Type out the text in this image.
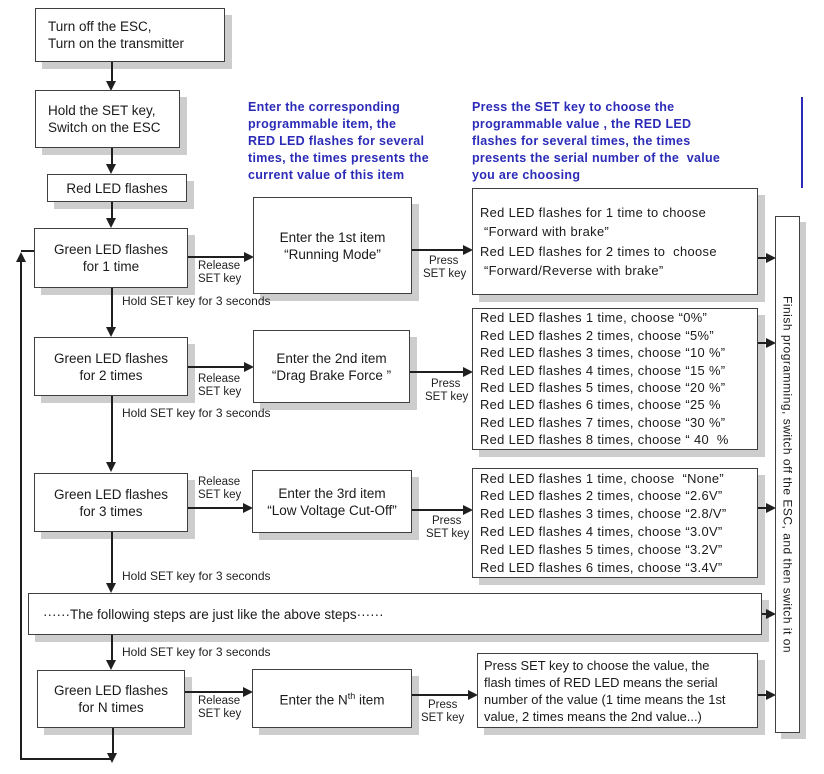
Turn off the ESC,
Turn on the transmitter
Hold the SET key,
Switch on the ESC
Red LED flashes
Enter the corresponding
programmable item, the
RED LED flashes for several
times, the times presents the
current value of this item
Press the SET key to choose the
programmable value , the RED LED
flashes for several times, the times
presents the serial number of the  value
you are choosing
Green LED flashes
for 1 time	Release
SET key
Enter the 1st item
“Running Mode”	Press
SET key
Red LED flashes for 1 time to choose
“Forward with brake”
Red LED flashes for 2 times to  choose
“Forward/Reverse with brake”
Hold SET key for 3 seconds
Green LED flashes
for 2 times	Release
SET key
Enter the 2nd item
“Drag Brake Force ”
Press
SET key
Red LED flashes 1 time, choose “0%”
Red LED flashes 2 times, choose “5%”
Red LED flashes 3 times, choose “10 %”
Red LED flashes 4 times, choose “15 %”
Red LED flashes 5 times, choose “20 %”
Red LED flashes 6 times, choose “25 %
Red LED flashes 7 times, choose “30 %”
Red LED flashes 8 times, choose “ 40  %
Hold SET key for 3 seconds
Green LED flashes
for 3 times
Release
SET key	Enter the 3rd item
“Low Voltage Cut-Off”
Press
SET key
Red LED flashes 1 time, choose  “None”
Red LED flashes 2 times, choose “2.6V”
Red LED flashes 3 times, choose “2.8/V”
Red LED flashes 4 times, choose “3.0V”
Red LED flashes 5 times, choose “3.2V”
Red LED flashes 6 times, choose “3.4V”
Hold SET key for 3 seconds
······The following steps are just like the above steps······
Hold SET key for 3 seconds
Green LED flashes
for N times	Release
SET key
Enter the $N^{th}$ item	Press
SET key
Press SET key to choose the value, the
flash times of RED LED means the serial
number of the value (1 time means the 1st
value, 2 times means the 2nd value...)
Finish programming, switch off the ESC, and then switch it on
